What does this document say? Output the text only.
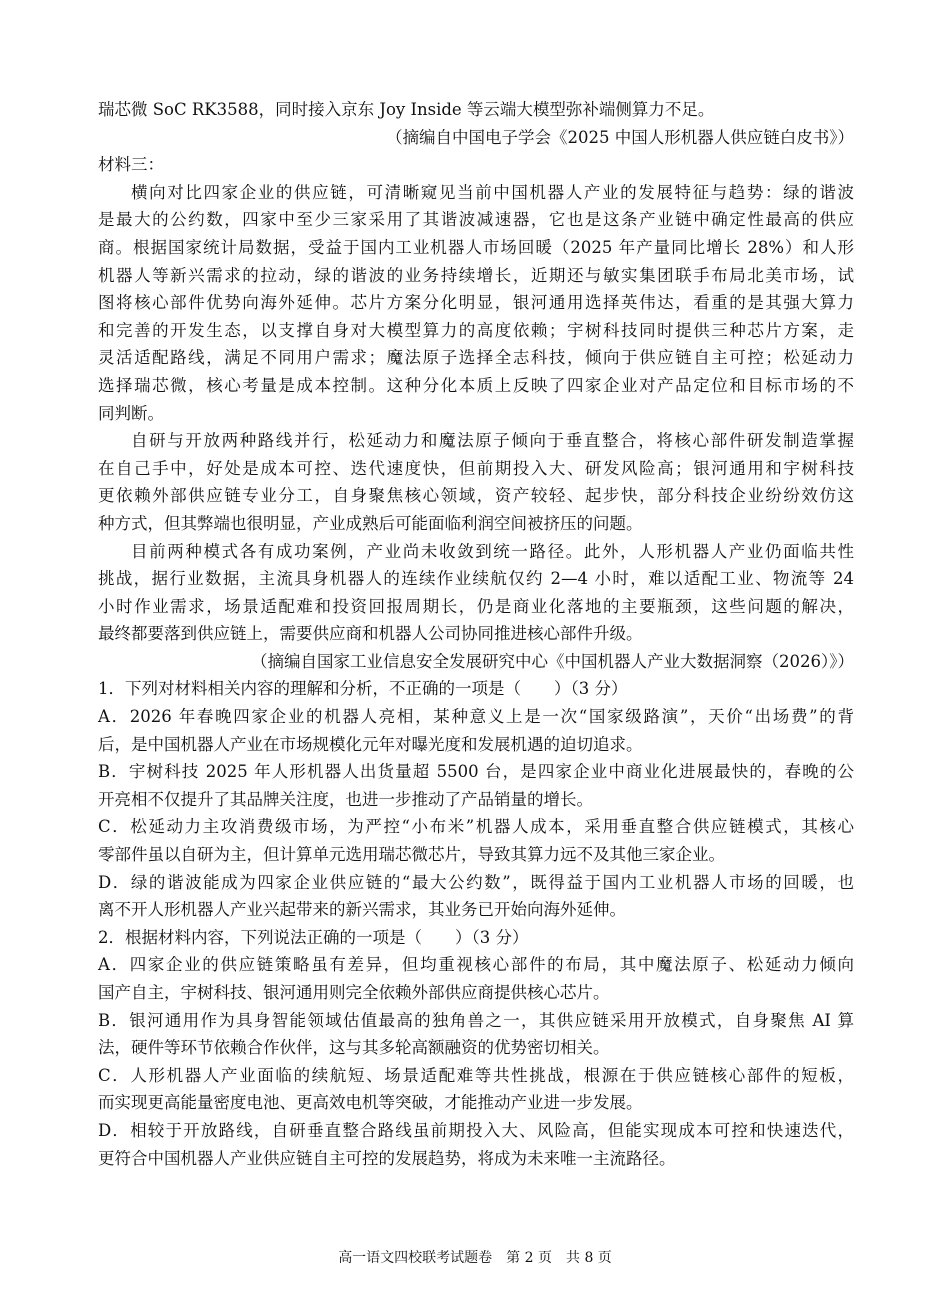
瑞芯微 SoC RK3588，同时接入京东 Joy Inside 等云端大模型弥补端侧算力不足。
（摘编自中国电子学会《2025 中国人形机器人供应链白皮书》）
材料三：
横向对比四家企业的供应链，可清晰窥见当前中国机器人产业的发展特征与趋势：绿的谐波
是最大的公约数，四家中至少三家采用了其谐波减速器，它也是这条产业链中确定性最高的供应
商。根据国家统计局数据，受益于国内工业机器人市场回暖（2025 年产量同比增长 28%）和人形
机器人等新兴需求的拉动，绿的谐波的业务持续增长，近期还与敏实集团联手布局北美市场，试
图将核心部件优势向海外延伸。芯片方案分化明显，银河通用选择英伟达，看重的是其强大算力
和完善的开发生态，以支撑自身对大模型算力的高度依赖；宇树科技同时提供三种芯片方案，走
灵活适配路线，满足不同用户需求；魔法原子选择全志科技，倾向于供应链自主可控；松延动力
选择瑞芯微，核心考量是成本控制。这种分化本质上反映了四家企业对产品定位和目标市场的不
同判断。
自研与开放两种路线并行，松延动力和魔法原子倾向于垂直整合，将核心部件研发制造掌握
在自己手中，好处是成本可控、迭代速度快，但前期投入大、研发风险高；银河通用和宇树科技
更依赖外部供应链专业分工，自身聚焦核心领域，资产较轻、起步快，部分科技企业纷纷效仿这
种方式，但其弊端也很明显，产业成熟后可能面临利润空间被挤压的问题。
目前两种模式各有成功案例，产业尚未收敛到统一路径。此外，人形机器人产业仍面临共性
挑战，据行业数据，主流具身机器人的连续作业续航仅约 2—4 小时，难以适配工业、物流等 24
小时作业需求，场景适配难和投资回报周期长，仍是商业化落地的主要瓶颈，这些问题的解决，
最终都要落到供应链上，需要供应商和机器人公司协同推进核心部件升级。
（摘编自国家工业信息安全发展研究中心《中国机器人产业大数据洞察（2026）》）
1．下列对材料相关内容的理解和分析，不正确的一项是（　　）（3 分）
A．2026 年春晚四家企业的机器人亮相，某种意义上是一次“国家级路演”，天价“出场费”的背
后，是中国机器人产业在市场规模化元年对曝光度和发展机遇的迫切追求。
B．宇树科技 2025 年人形机器人出货量超 5500 台，是四家企业中商业化进展最快的，春晚的公
开亮相不仅提升了其品牌关注度，也进一步推动了产品销量的增长。
C．松延动力主攻消费级市场，为严控“小布米”机器人成本，采用垂直整合供应链模式，其核心
零部件虽以自研为主，但计算单元选用瑞芯微芯片，导致其算力远不及其他三家企业。
D．绿的谐波能成为四家企业供应链的“最大公约数”，既得益于国内工业机器人市场的回暖，也
离不开人形机器人产业兴起带来的新兴需求，其业务已开始向海外延伸。
2．根据材料内容，下列说法正确的一项是（　　）（3 分）
A．四家企业的供应链策略虽有差异，但均重视核心部件的布局，其中魔法原子、松延动力倾向
国产自主，宇树科技、银河通用则完全依赖外部供应商提供核心芯片。
B．银河通用作为具身智能领域估值最高的独角兽之一，其供应链采用开放模式，自身聚焦 AI 算
法，硬件等环节依赖合作伙伴，这与其多轮高额融资的优势密切相关。
C．人形机器人产业面临的续航短、场景适配难等共性挑战，根源在于供应链核心部件的短板，
而实现更高能量密度电池、更高效电机等突破，才能推动产业进一步发展。
D．相较于开放路线，自研垂直整合路线虽前期投入大、风险高，但能实现成本可控和快速迭代，
更符合中国机器人产业供应链自主可控的发展趋势，将成为未来唯一主流路径。
高一语文四校联考试题卷　第 2 页　共 8 页
